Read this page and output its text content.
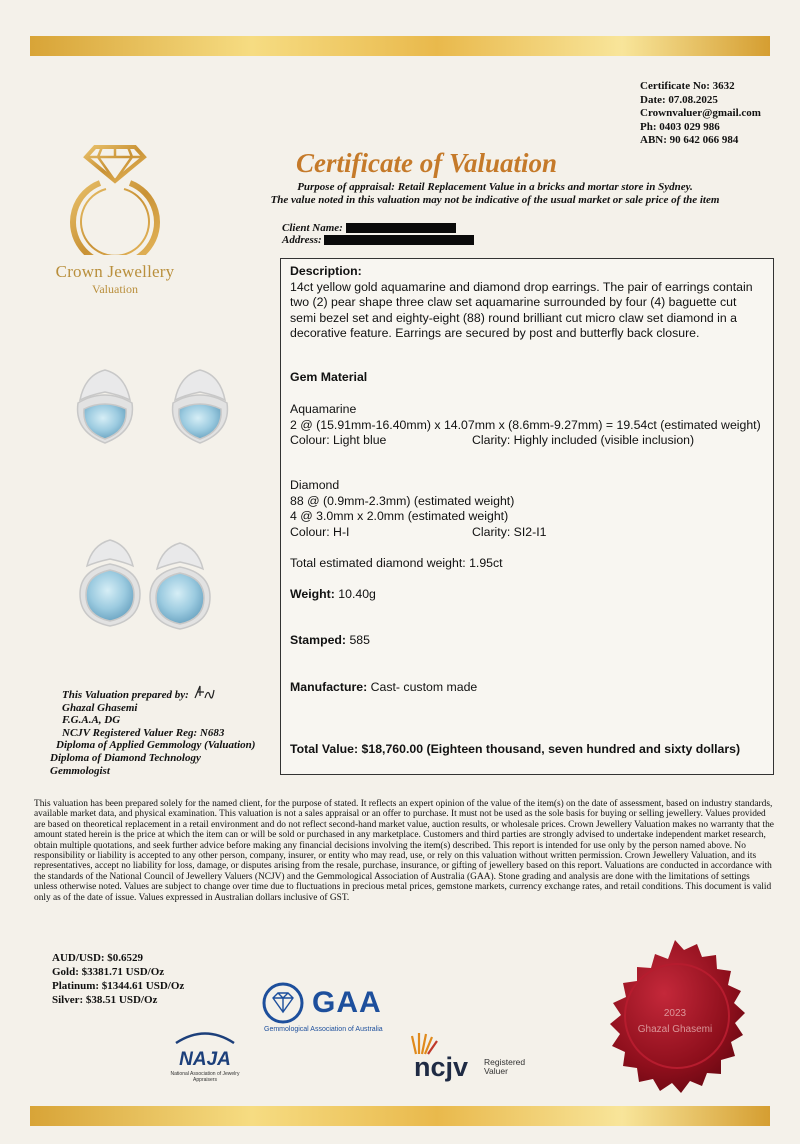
Certificate No: 3632
Date: 07.08.2025
Crownvaluer@gmail.com
Ph: 0403 029 986
ABN: 90 642 066 984
Crown Jewellery
Valuation
Certificate of Valuation
Purpose of appraisal: Retail Replacement Value in a bricks and mortar store in Sydney.
The value noted in this valuation may not be indicative of the usual market or sale price of the item
Client Name:
Address:
Description:
14ct yellow gold aquamarine and diamond drop earrings. The pair of earrings contain two (2) pear shape three claw set aquamarine surrounded by four (4) baguette cut semi bezel set and eighty-eight (88) round brilliant cut micro claw set diamond in a decorative feature. Earrings are secured by post and butterfly back closure.
Gem Material
Aquamarine
2 @ (15.91mm-16.40mm) x 14.07mm x (8.6mm-9.27mm) = 19.54ct (estimated weight)
Colour: Light blue	Clarity: Highly included (visible inclusion)
Diamond
88 @ (0.9mm-2.3mm) (estimated weight)
4 @ 3.0mm x 2.0mm (estimated weight)
Colour: H-I	Clarity: SI2-I1
Total estimated diamond weight: 1.95ct
Weight: 10.40g
Stamped: 585
Manufacture: Cast- custom made
Total Value: $18,760.00 (Eighteen thousand, seven hundred and sixty dollars)
This Valuation prepared by:
Ghazal Ghasemi
F.G.A.A, DG
NCJV Registered Valuer Reg: N683
Diploma of Applied Gemmology (Valuation)
Diploma of Diamond Technology
Gemmologist
This valuation has been prepared solely for the named client, for the purpose of stated. It reflects an expert opinion of the value of the item(s) on the date of assessment, based on industry standards, available market data, and physical examination. This valuation is not a sales appraisal or an offer to purchase. It must not be used as the sole basis for buying or selling jewellery. Values provided are based on theoretical replacement in a retail environment and do not reflect second-hand market value, auction results, or wholesale prices. Crown Jewellery Valuation makes no warranty that the amount stated herein is the price at which the item can or will be sold or purchased in any marketplace. Customers and third parties are strongly advised to undertake independent market research, obtain multiple quotations, and seek further advice before making any financial decisions involving the item(s) described. This report is intended for use only by the person named above. No responsibility or liability is accepted to any other person, company, insurer, or entity who may read, use, or rely on this valuation without written permission. Crown Jewellery Valuation, and its representatives, accept no liability for loss, damage, or disputes arising from the resale, purchase, insurance, or gifting of jewellery based on this report. Valuations are conducted in accordance with the standards of the National Council of Jewellery Valuers (NCJV) and the Gemmological Association of Australia (GAA). Stone grading and analysis are done with the limitations of settings unless otherwise noted. Values are subject to change over time due to fluctuations in precious metal prices, gemstone markets, currency exchange rates, and retail conditions. This document is valid only as of the date of issue. Values expressed in Australian dollars inclusive of GST.
AUD/USD: $0.6529
Gold: $3381.71 USD/Oz
Platinum: $1344.61 USD/Oz
Silver: $38.51 USD/Oz	GAA
Gemmological Association of Australia
NAJA
National Association of Jewelry Appraisers	ncjv Registered
Valuer
2023
Ghazal Ghasemi
